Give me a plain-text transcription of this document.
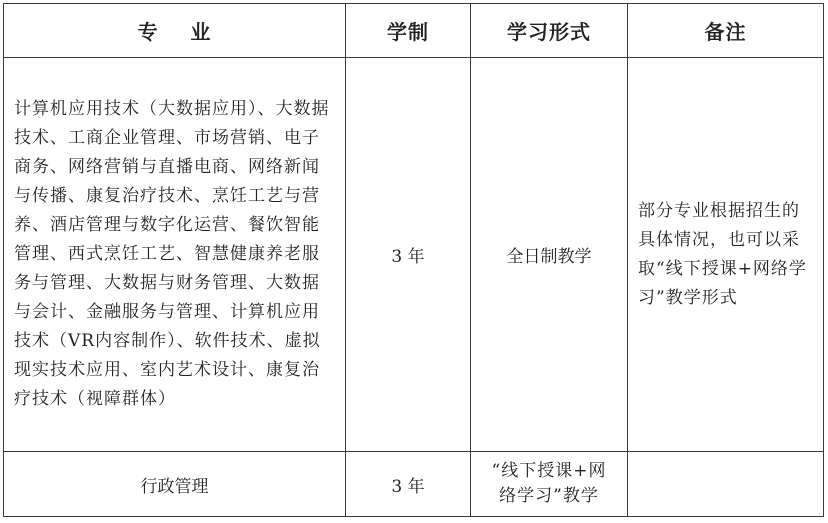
专    业	学制	学习形式	备注
计算机应用技术（大数据应用）、大数据技术、工商企业管理、市场营销、电子商务、网络营销与直播电商、网络新闻与传播、康复治疗技术、烹饪工艺与营养、酒店管理与数字化运营、餐饮智能管理、西式烹饪工艺、智慧健康养老服务与管理、大数据与财务管理、大数据与会计、金融服务与管理、计算机应用技术（VR内容制作）、软件技术、虚拟现实技术应用、室内艺术设计、康复治疗技术（视障群体）	3 年	全日制教学	部分专业根据招生的具体情况，也可以采取“线下授课+网络学习”教学形式
行政管理	3 年	“线下授课+网络学习”教学	
